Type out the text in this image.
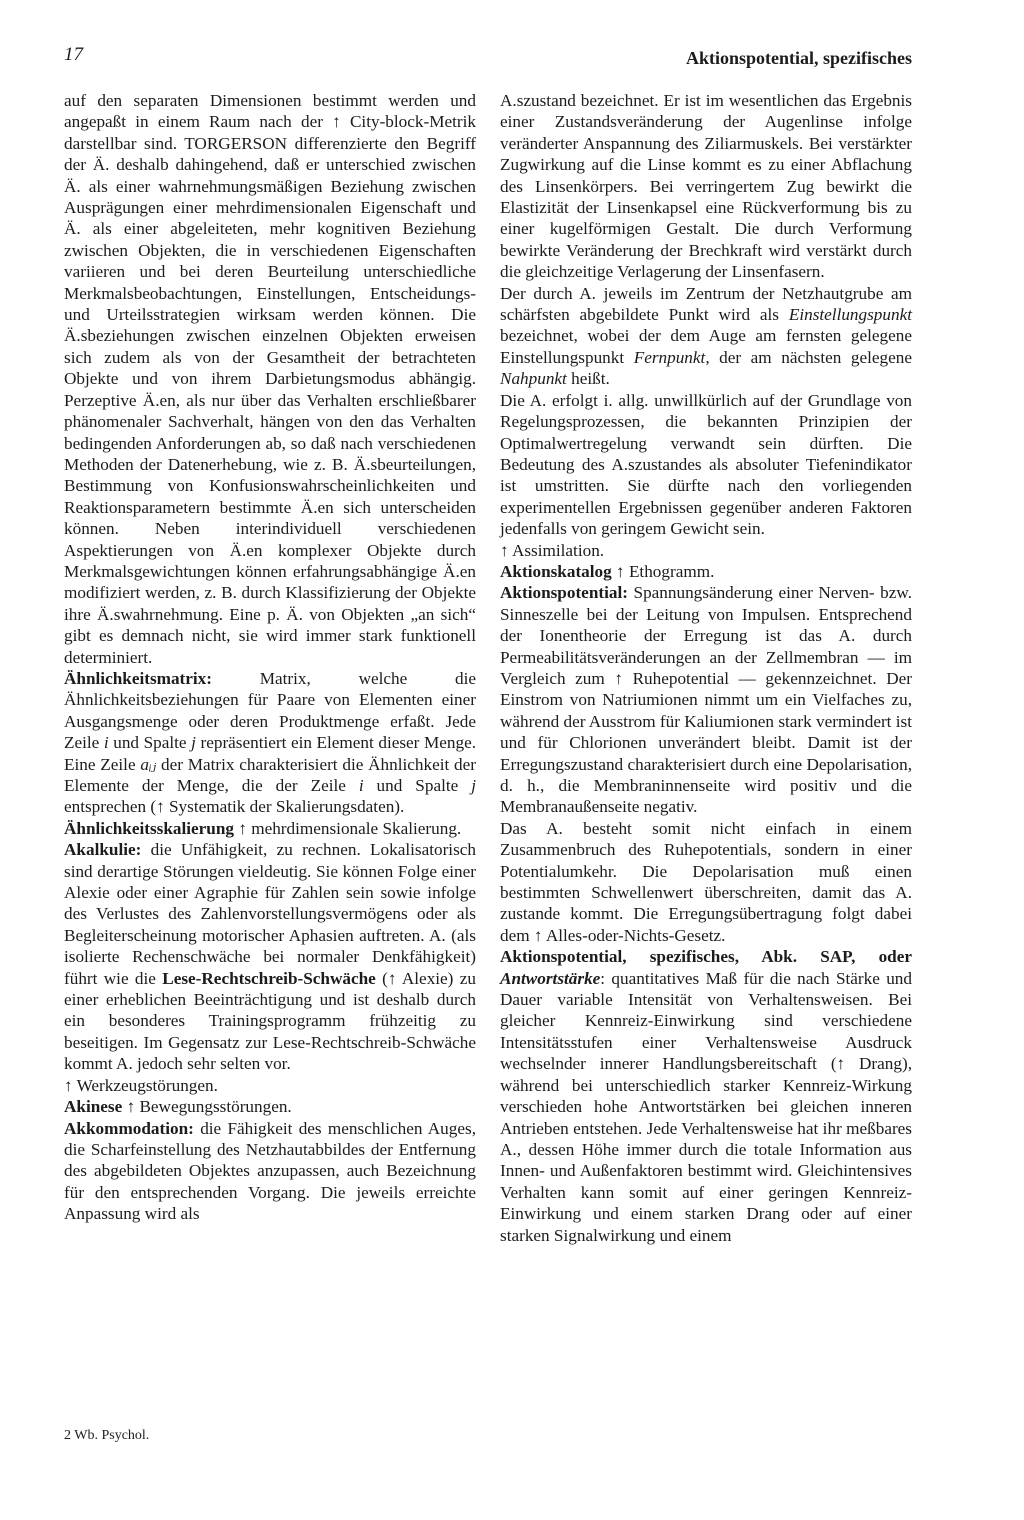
17	Aktionspotential, spezifisches

auf den separaten Dimensionen bestimmt werden und angepaßt in einem Raum nach der ↑ City-block-Metrik darstellbar sind. TORGERSON differenzierte den Begriff der Ä. deshalb dahingehend, daß er unterschied zwischen Ä. als einer wahrnehmungsmäßigen Beziehung zwischen Ausprägungen einer mehrdimensionalen Eigenschaft und Ä. als einer abgeleiteten, mehr kognitiven Beziehung zwischen Objekten, die in verschiedenen Eigenschaften variieren und bei deren Beurteilung unterschiedliche Merkmalsbeobachtungen, Einstellungen, Entscheidungs- und Urteilsstrategien wirksam werden können. Die Ä.sbeziehungen zwischen einzelnen Objekten erweisen sich zudem als von der Gesamtheit der betrachteten Objekte und von ihrem Darbietungsmodus abhängig. Perzeptive Ä.en, als nur über das Verhalten erschließbarer phänomenaler Sachverhalt, hängen von den das Verhalten bedingenden Anforderungen ab, so daß nach verschiedenen Methoden der Datenerhebung, wie z. B. Ä.sbeurteilungen, Bestimmung von Konfusionswahrscheinlichkeiten und Reaktionsparametern bestimmte Ä.en sich unterscheiden können. Neben interindividuell verschiedenen Aspektierungen von Ä.en komplexer Objekte durch Merkmalsgewichtungen können erfahrungsabhängige Ä.en modifiziert werden, z. B. durch Klassifizierung der Objekte ihre Ä.swahrnehmung. Eine p. Ä. von Objekten „an sich“ gibt es demnach nicht, sie wird immer stark funktionell determiniert.

Ähnlichkeitsmatrix: Matrix, welche die Ähnlichkeitsbeziehungen für Paare von Elementen einer Ausgangsmenge oder deren Produktmenge erfaßt. Jede Zeile i und Spalte j repräsentiert ein Element dieser Menge. Eine Zeile aᵢⱼ der Matrix charakterisiert die Ähnlichkeit der Elemente der Menge, die der Zeile i und Spalte j entsprechen (↑ Systematik der Skalierungsdaten).

Ähnlichkeitsskalierung ↑ mehrdimensionale Skalierung.

Akalkulie: die Unfähigkeit, zu rechnen. Lokalisatorisch sind derartige Störungen vieldeutig. Sie können Folge einer Alexie oder einer Agraphie für Zahlen sein sowie infolge des Verlustes des Zahlenvorstellungsvermögens oder als Begleiterscheinung motorischer Aphasien auftreten. A. (als isolierte Rechenschwäche bei normaler Denkfähigkeit) führt wie die Lese-Rechtschreib-Schwäche (↑ Alexie) zu einer erheblichen Beeinträchtigung und ist deshalb durch ein besonderes Trainingsprogramm frühzeitig zu beseitigen. Im Gegensatz zur Lese-Rechtschreib-Schwäche kommt A. jedoch sehr selten vor.

↑ Werkzeugstörungen.

Akinese ↑ Bewegungsstörungen.

Akkommodation: die Fähigkeit des menschlichen Auges, die Scharfeinstellung des Netzhautabbildes der Entfernung des abgebildeten Objektes anzupassen, auch Bezeichnung für den entsprechenden Vorgang. Die jeweils erreichte Anpassung wird als

A.szustand bezeichnet. Er ist im wesentlichen das Ergebnis einer Zustandsveränderung der Augenlinse infolge veränderter Anspannung des Ziliarmuskels. Bei verstärkter Zugwirkung auf die Linse kommt es zu einer Abflachung des Linsenkörpers. Bei verringertem Zug bewirkt die Elastizität der Linsenkapsel eine Rückverformung bis zu einer kugelförmigen Gestalt. Die durch Verformung bewirkte Veränderung der Brechkraft wird verstärkt durch die gleichzeitige Verlagerung der Linsenfasern.

Der durch A. jeweils im Zentrum der Netzhautgrube am schärfsten abgebildete Punkt wird als Einstellungspunkt bezeichnet, wobei der dem Auge am fernsten gelegene Einstellungspunkt Fernpunkt, der am nächsten gelegene Nahpunkt heißt.

Die A. erfolgt i. allg. unwillkürlich auf der Grundlage von Regelungsprozessen, die bekannten Prinzipien der Optimalwertregelung verwandt sein dürften. Die Bedeutung des A.szustandes als absoluter Tiefenindikator ist umstritten. Sie dürfte nach den vorliegenden experimentellen Ergebnissen gegenüber anderen Faktoren jedenfalls von geringem Gewicht sein.

↑ Assimilation.

Aktionskatalog ↑ Ethogramm.

Aktionspotential: Spannungsänderung einer Nerven- bzw. Sinneszelle bei der Leitung von Impulsen. Entsprechend der Ionentheorie der Erregung ist das A. durch Permeabilitätsveränderungen an der Zellmembran — im Vergleich zum ↑ Ruhepotential — gekennzeichnet. Der Einstrom von Natriumionen nimmt um ein Vielfaches zu, während der Ausstrom für Kaliumionen stark vermindert ist und für Chlorionen unverändert bleibt. Damit ist der Erregungszustand charakterisiert durch eine Depolarisation, d. h., die Membraninnenseite wird positiv und die Membranaußenseite negativ.

Das A. besteht somit nicht einfach in einem Zusammenbruch des Ruhepotentials, sondern in einer Potentialumkehr. Die Depolarisation muß einen bestimmten Schwellenwert überschreiten, damit das A. zustande kommt. Die Erregungsübertragung folgt dabei dem ↑ Alles-oder-Nichts-Gesetz.

Aktionspotential, spezifisches, Abk. SAP, oder Antwortstärke: quantitatives Maß für die nach Stärke und Dauer variable Intensität von Verhaltensweisen. Bei gleicher Kennreiz-Einwirkung sind verschiedene Intensitätsstufen einer Verhaltensweise Ausdruck wechselnder innerer Handlungsbereitschaft (↑ Drang), während bei unterschiedlich starker Kennreiz-Wirkung verschieden hohe Antwortstärken bei gleichen inneren Antrieben entstehen. Jede Verhaltensweise hat ihr meßbares A., dessen Höhe immer durch die totale Information aus Innen- und Außenfaktoren bestimmt wird. Gleichintensives Verhalten kann somit auf einer geringen Kennreiz-Einwirkung und einem starken Drang oder auf einer starken Signalwirkung und einem

2 Wb. Psychol.
